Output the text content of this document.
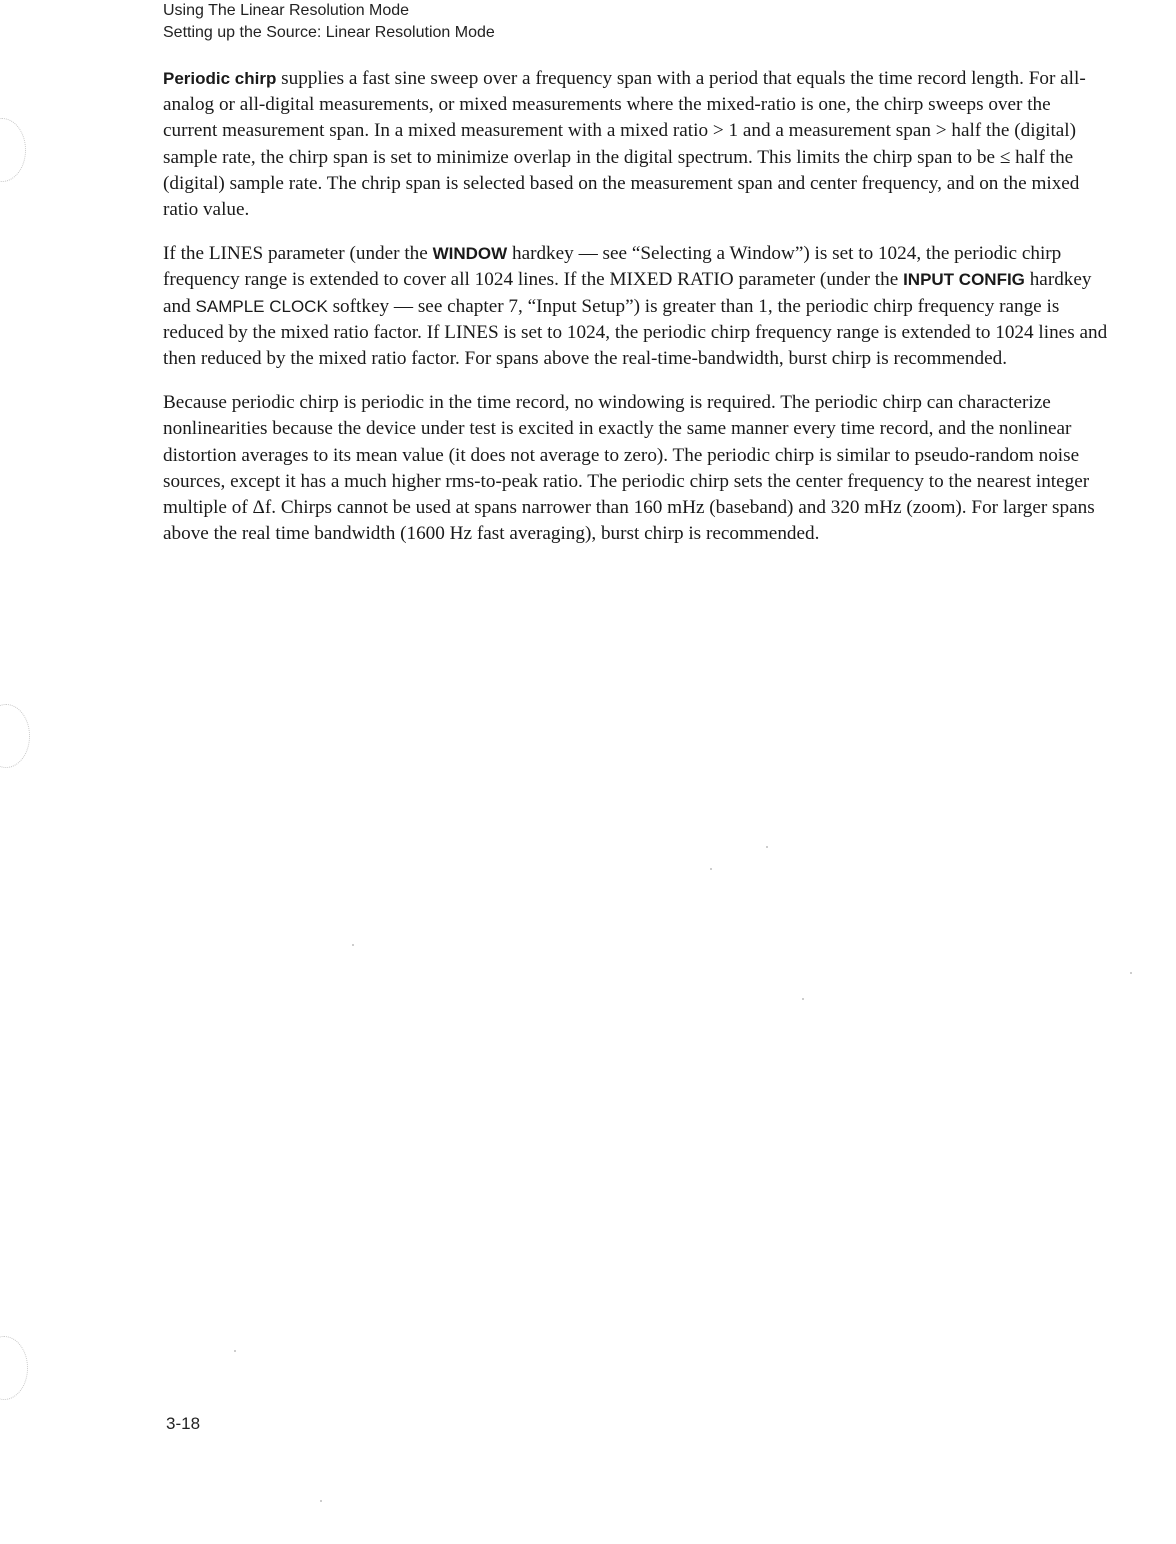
Using The Linear Resolution Mode
Setting up the Source: Linear Resolution Mode

Periodic chirp supplies a fast sine sweep over a frequency span with a period that equals the time record length. For all-analog or all-digital measurements, or mixed measurements where the mixed-ratio is one, the chirp sweeps over the current measurement span. In a mixed measurement with a mixed ratio > 1 and a measurement span > half the (digital) sample rate, the chirp span is set to minimize overlap in the digital spectrum. This limits the chirp span to be ≤ half the (digital) sample rate. The chrip span is selected based on the measurement span and center frequency, and on the mixed ratio value.

If the LINES parameter (under the WINDOW hardkey — see “Selecting a Window”) is set to 1024, the periodic chirp frequency range is extended to cover all 1024 lines. If the MIXED RATIO parameter (under the INPUT CONFIG hardkey and SAMPLE CLOCK softkey — see chapter 7, “Input Setup”) is greater than 1, the periodic chirp frequency range is reduced by the mixed ratio factor. If LINES is set to 1024, the periodic chirp frequency range is extended to 1024 lines and then reduced by the mixed ratio factor. For spans above the real-time-bandwidth, burst chirp is recommended.

Because periodic chirp is periodic in the time record, no windowing is required. The periodic chirp can characterize nonlinearities because the device under test is excited in exactly the same manner every time record, and the nonlinear distortion averages to its mean value (it does not average to zero). The periodic chirp is similar to pseudo-random noise sources, except it has a much higher rms-to-peak ratio. The periodic chirp sets the center frequency to the nearest integer multiple of Δf. Chirps cannot be used at spans narrower than 160 mHz (baseband) and 320 mHz (zoom). For larger spans above the real time bandwidth (1600 Hz fast averaging), burst chirp is recommended.

3-18
